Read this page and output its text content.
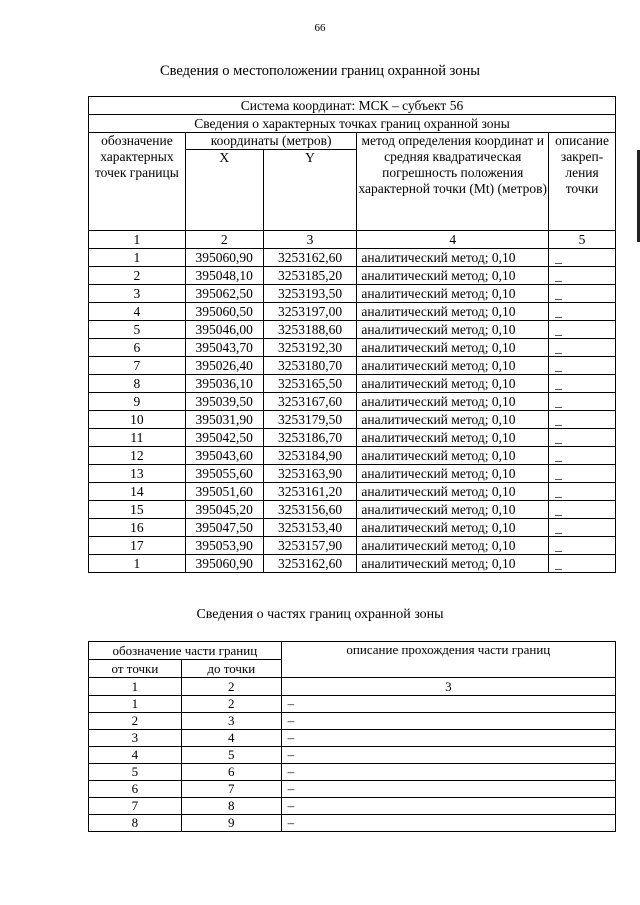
66
Сведения о местоположении границ охранной зоны
Система координат: МСК – субъект 56				
Сведения о характерных точках границ охранной зоны				
обозначение характерных точек границы	координаты (метров)		метод определения координат и средняя квадратическая погрешность положения характерной точки (Mt) (метров)	описание закреп-ления точки
	X	Y		
1	2	3	4	5
1	395060,90	3253162,60	аналитический метод; 0,10	_
2	395048,10	3253185,20	аналитический метод; 0,10	_
3	395062,50	3253193,50	аналитический метод; 0,10	_
4	395060,50	3253197,00	аналитический метод; 0,10	_
5	395046,00	3253188,60	аналитический метод; 0,10	_
6	395043,70	3253192,30	аналитический метод; 0,10	_
7	395026,40	3253180,70	аналитический метод; 0,10	_
8	395036,10	3253165,50	аналитический метод; 0,10	_
9	395039,50	3253167,60	аналитический метод; 0,10	_
10	395031,90	3253179,50	аналитический метод; 0,10	_
11	395042,50	3253186,70	аналитический метод; 0,10	_
12	395043,60	3253184,90	аналитический метод; 0,10	_
13	395055,60	3253163,90	аналитический метод; 0,10	_
14	395051,60	3253161,20	аналитический метод; 0,10	_
15	395045,20	3253156,60	аналитический метод; 0,10	_
16	395047,50	3253153,40	аналитический метод; 0,10	_
17	395053,90	3253157,90	аналитический метод; 0,10	_
1	395060,90	3253162,60	аналитический метод; 0,10	_
Сведения о частях границ охранной зоны
обозначение части границ		описание прохождения части границ
от точки	до точки	
1	2	3
1	2	–
2	3	–
3	4	–
4	5	–
5	6	–
6	7	–
7	8	–
8	9	–
